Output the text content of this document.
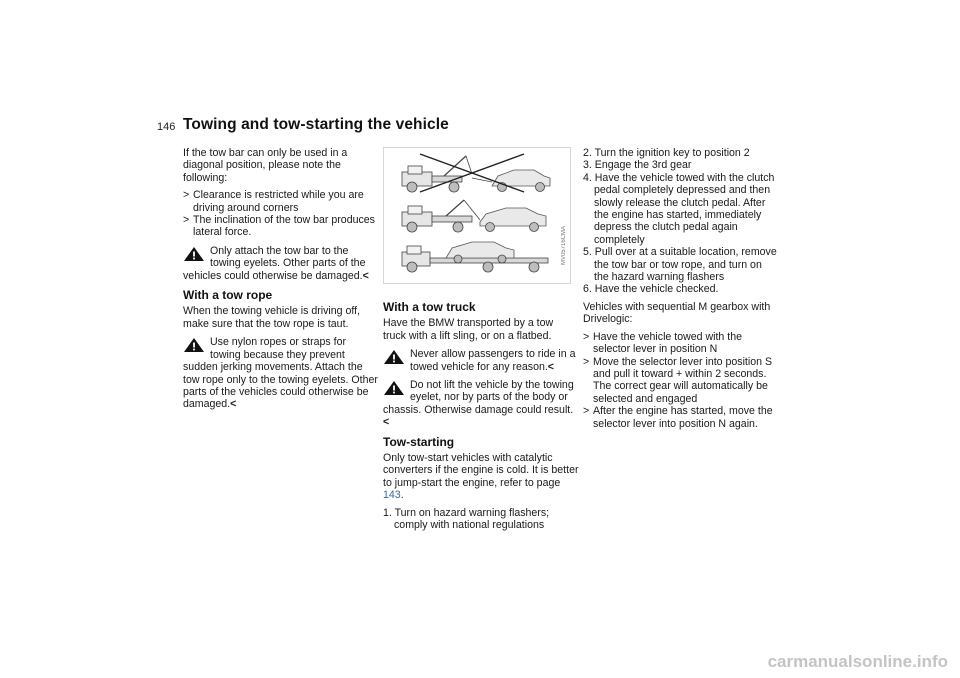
146 Towing and tow-starting the vehicle

If the tow bar can only be used in a diagonal position, please note the following:

> Clearance is restricted while you are driving around corners
> The inclination of the tow bar produces lateral force.
Only attach the tow bar to the towing eyelets. Other parts of the vehicles could otherwise be damaged.<
With a tow rope

When the towing vehicle is driving off, make sure that the tow rope is taut.

Use nylon ropes or straps for towing because they prevent sudden jerking movements. Attach the tow rope only to the towing eyelets. Other parts of the vehicles could otherwise be damaged.<
MV05716CMA
With a tow truck

Have the BMW transported by a tow truck with a lift sling, or on a flatbed.

Never allow passengers to ride in a towed vehicle for any reason.<
Do not lift the vehicle by the towing eyelet, nor by parts of the body or chassis. Otherwise damage could result.<
Tow-starting

Only tow-start vehicles with catalytic converters if the engine is cold. It is better to jump-start the engine, refer to page 143.

1. Turn on hazard warning flashers; comply with national regulations
2. Turn the ignition key to position 2
3. Engage the 3rd gear
4. Have the vehicle towed with the clutch pedal completely depressed and then slowly release the clutch pedal. After the engine has started, immediately depress the clutch pedal again completely
5. Pull over at a suitable location, remove the tow bar or tow rope, and turn on the hazard warning flashers
6. Have the vehicle checked.

Vehicles with sequential M gearbox with Drivelogic:

> Have the vehicle towed with the selector lever in position N
> Move the selector lever into position S and pull it toward + within 2 seconds. The correct gear will automatically be selected and engaged
> After the engine has started, move the selector lever into position N again.
carmanualsonline.info
